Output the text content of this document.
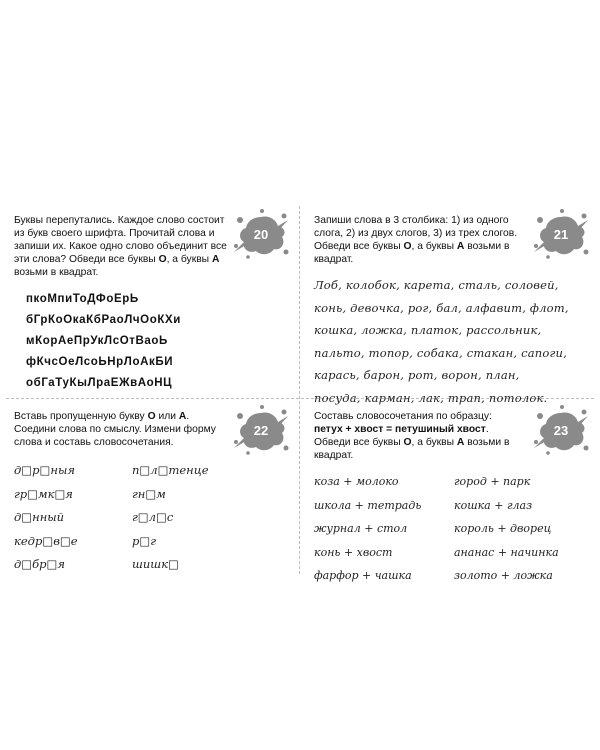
20

Буквы перепутались. Каждое слово состоит из букв своего шрифта. Прочитай слова и запиши их. Какое одно слово объединит все эти слова? Обведи все буквы О, а буквы А возьми в квадрат.

пкоМпиТоДФоЕрЬ
бГрКоОкаКбРаоЛчОоКХи
мКорАеПрУкЛсОтВаоЬ
фКчсОеЛсоЬНрЛоАкБИ
обГаТуКыЛраЕЖвАоНЦ
21

Запиши слова в 3 столбика: 1) из одного слога, 2) из двух слогов, 3) из трех слогов. Обведи все буквы О, а буквы А возьми в квадрат.

Лоб, колобок, карета, сталь, соловей,
конь, девочка, рог, бал, алфавит, флот,
кошка, ложка, платок, рассольник,
пальто, топор, собака, стакан, сапоги,
карась, барон, рот, ворон, план,
посуда, карман, лак, трап, потолок.
22

Вставь пропущенную букву О или А. Соедини слова по смыслу. Измени форму слова и составь словосочетания.

д□р□ныя	п□л□тенце
гр□мк□я	гн□м
д□нный	г□л□с
кедр□в□е	р□г
д□бр□я	шишк□
23

Составь словосочетания по образцу:
петух + хвост = петушиный хвост. Обведи все буквы О, а буквы А возьми в квадрат.

коза + молоко	город + парк
школа + тетрадь	кошка + глаз
журнал + стол	король + дворец
конь + хвост	ананас + начинка
фарфор + чашка	золото + ложка
